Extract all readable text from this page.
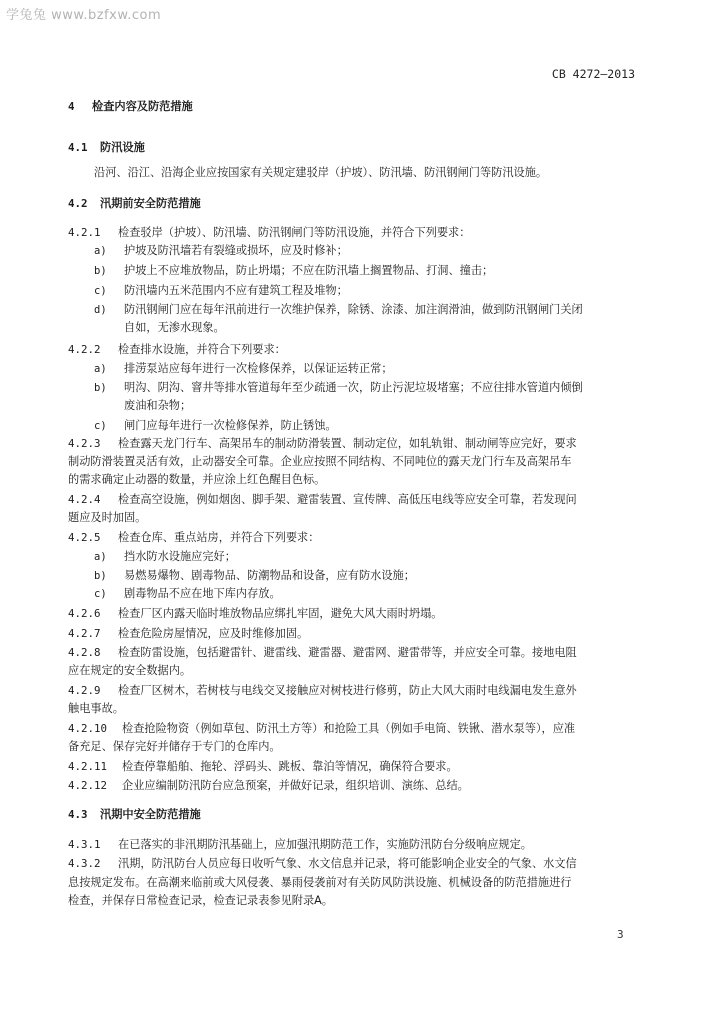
学兔兔 www.bzfxw.com
CB 4272—2013
4 检查内容及防范措施
4.1 防汛设施
沿河、沿江、沿海企业应按国家有关规定建驳岸（护坡）、防汛墙、防汛钢闸门等防汛设施。
4.2 汛期前安全防范措施
4.2.1 检查驳岸（护坡）、防汛墙、防汛钢闸门等防汛设施，并符合下列要求：
a) 护坡及防汛墙若有裂缝或损坏，应及时修补；
b) 护坡上不应堆放物品，防止坍塌；不应在防汛墙上搁置物品、打洞、撞击；
c) 防汛墙内五米范围内不应有建筑工程及堆物；
d) 防汛钢闸门应在每年汛前进行一次维护保养，除锈、涂漆、加注润滑油，做到防汛钢闸门关闭
自如，无渗水现象。
4.2.2 检查排水设施，并符合下列要求：
a) 排涝泵站应每年进行一次检修保养，以保证运转正常；
b) 明沟、阴沟、窨井等排水管道每年至少疏通一次，防止污泥垃圾堵塞；不应往排水管道内倾倒
废油和杂物；
c) 闸门应每年进行一次检修保养，防止锈蚀。
4.2.3 检查露天龙门行车、高架吊车的制动防滑装置、制动定位，如轧轨钳、制动闸等应完好，要求
制动防滑装置灵活有效，止动器安全可靠。企业应按照不同结构、不同吨位的露天龙门行车及高架吊车
的需求确定止动器的数量，并应涂上红色醒目色标。
4.2.4 检查高空设施，例如烟囱、脚手架、避雷装置、宣传牌、高低压电线等应安全可靠，若发现问
题应及时加固。
4.2.5 检查仓库、重点站房，并符合下列要求：
a) 挡水防水设施应完好；
b) 易燃易爆物、剧毒物品、防潮物品和设备，应有防水设施；
c) 剧毒物品不应在地下库内存放。
4.2.6 检查厂区内露天临时堆放物品应绑扎牢固，避免大风大雨时坍塌。
4.2.7 检查危险房屋情况，应及时维修加固。
4.2.8 检查防雷设施，包括避雷针、避雷线、避雷器、避雷网、避雷带等，并应安全可靠。接地电阻
应在规定的安全数据内。
4.2.9 检查厂区树木，若树枝与电线交叉接触应对树枝进行修剪，防止大风大雨时电线漏电发生意外
触电事故。
4.2.10 检查抢险物资（例如草包、防汛土方等）和抢险工具（例如手电筒、铁锹、潜水泵等），应准
备充足、保存完好并储存于专门的仓库内。
4.2.11 检查停靠船舶、拖轮、浮码头、跳板、靠泊等情况，确保符合要求。
4.2.12 企业应编制防汛防台应急预案，并做好记录，组织培训、演练、总结。
4.3 汛期中安全防范措施
4.3.1 在已落实的非汛期防汛基础上，应加强汛期防范工作，实施防汛防台分级响应规定。
4.3.2 汛期，防汛防台人员应每日收听气象、水文信息并记录，将可能影响企业安全的气象、水文信
息按规定发布。在高潮来临前或大风侵袭、暴雨侵袭前对有关防风防洪设施、机械设备的防范措施进行
检查，并保存日常检查记录，检查记录表参见附录A。
3
